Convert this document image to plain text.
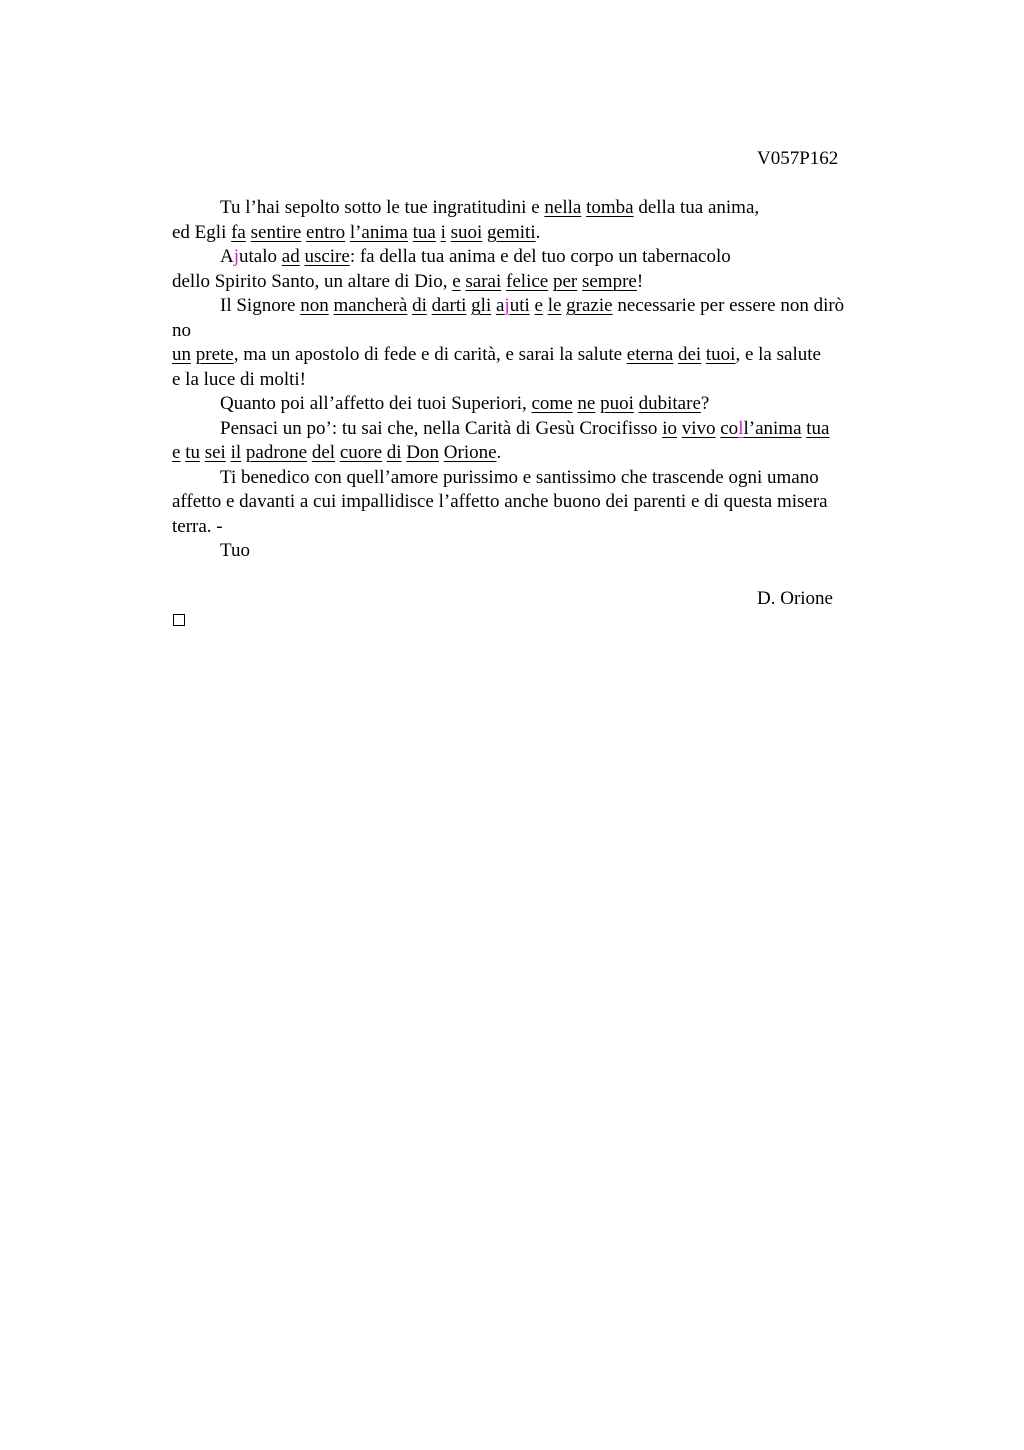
V057P162
Tu l’hai sepolto sotto le tue ingratitudini e nella tomba della tua anima,
ed Egli fa sentire entro l’anima tua i suoi gemiti.
Ajutalo ad uscire: fa della tua anima e del tuo corpo un tabernacolo
dello Spirito Santo, un altare di Dio, e sarai felice per sempre!
Il Signore non mancherà di darti gli ajuti e le grazie necessarie per essere non dirò
no
un prete, ma un apostolo di fede e di carità, e sarai la salute eterna dei tuoi, e la salute
e la luce di molti!
Quanto poi all’affetto dei tuoi Superiori, come ne puoi dubitare?
Pensaci un po’: tu sai che, nella Carità di Gesù Crocifisso io vivo coll’anima tua
e tu sei il padrone del cuore di Don Orione.
Ti benedico con quell’amore purissimo e santissimo che trascende ogni umano
affetto e davanti a cui impallidisce l’affetto anche buono dei parenti e di questa misera
terra. -
Tuo
D. Orione
